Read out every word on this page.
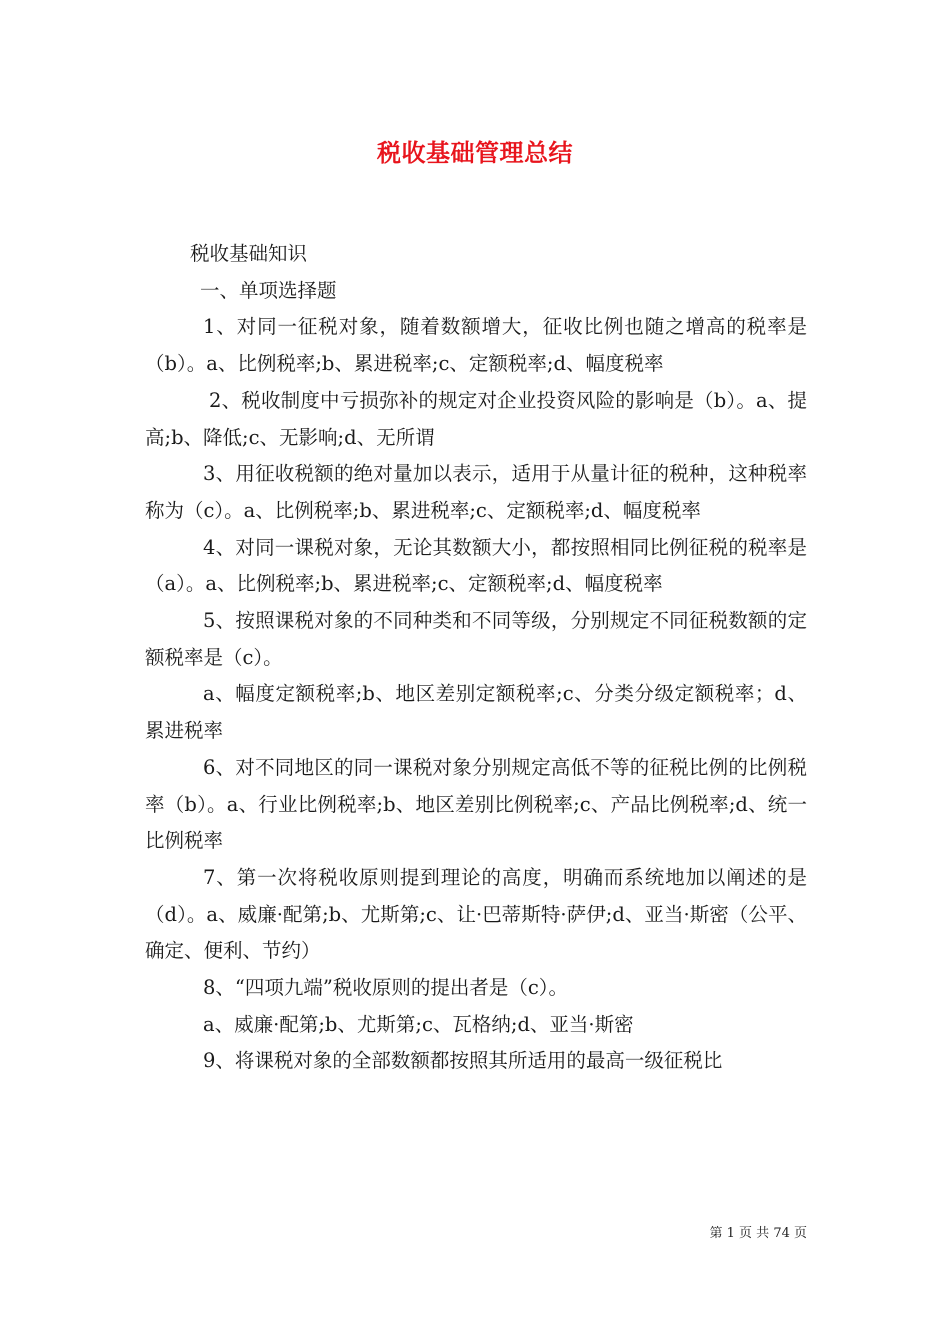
税收基础管理总结

税收基础知识

一、单项选择题

1、对同一征税对象，随着数额增大，征收比例也随之增高的税率是（b）。a、比例税率;b、累进税率;c、定额税率;d、幅度税率

2、税收制度中亏损弥补的规定对企业投资风险的影响是（b）。a、提高;b、降低;c、无影响;d、无所谓

3、用征收税额的绝对量加以表示，适用于从量计征的税种，这种税率称为（c）。a、比例税率;b、累进税率;c、定额税率;d、幅度税率

4、对同一课税对象，无论其数额大小，都按照相同比例征税的税率是（a）。a、比例税率;b、累进税率;c、定额税率;d、幅度税率

5、按照课税对象的不同种类和不同等级，分别规定不同征税数额的定额税率是（c）。

a、幅度定额税率;b、地区差别定额税率;c、分类分级定额税率；d、累进税率

6、对不同地区的同一课税对象分别规定高低不等的征税比例的比例税率（b）。a、行业比例税率;b、地区差别比例税率;c、产品比例税率;d、统一比例税率

7、第一次将税收原则提到理论的高度，明确而系统地加以阐述的是（d）。a、威廉·配第;b、尤斯第;c、让·巴蒂斯特·萨伊;d、亚当·斯密（公平、确定、便利、节约）

8、“四项九端”税收原则的提出者是（c）。

a、威廉·配第;b、尤斯第;c、瓦格纳;d、亚当·斯密

9、将课税对象的全部数额都按照其所适用的最高一级征税比

第 1 页 共 74 页
